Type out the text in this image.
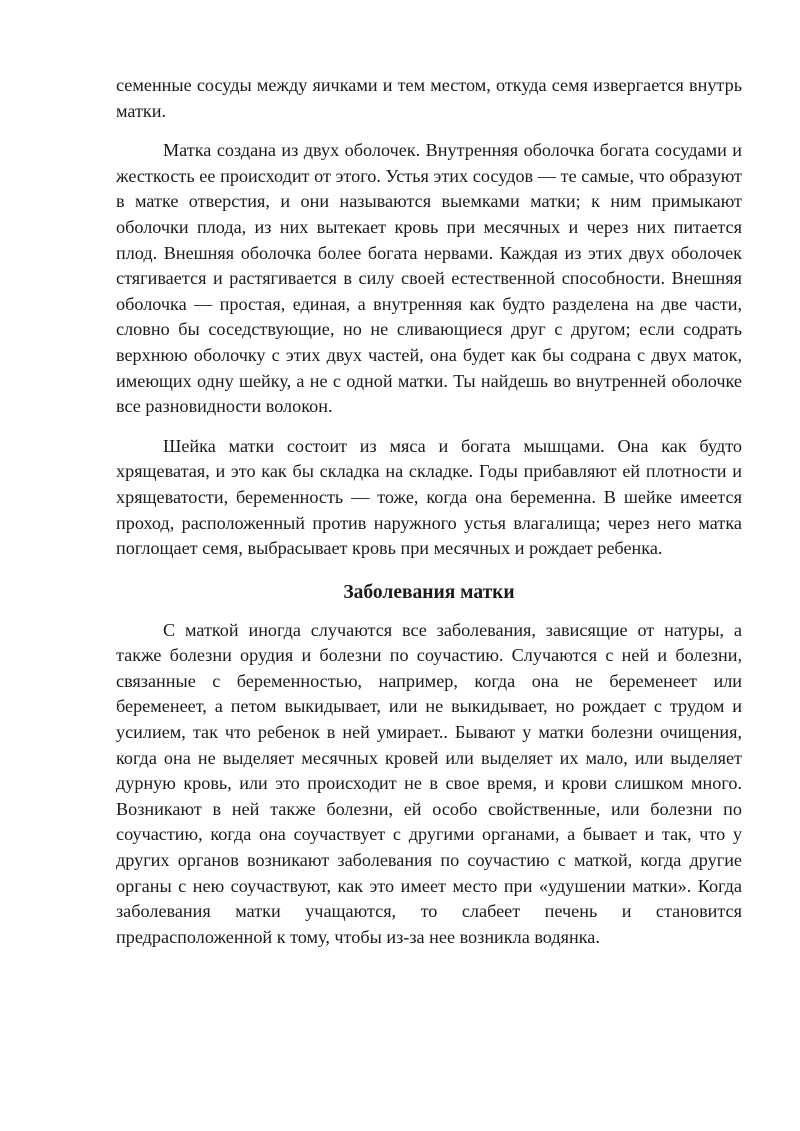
семенные сосуды между яичками и тем местом, откуда семя извергается внутрь матки.

Матка создана из двух оболочек. Внутренняя оболочка богата сосудами и жесткость ее происходит от этого. Устья этих сосудов — те самые, что образуют в матке отверстия, и они называются выемками матки; к ним примыкают оболочки плода, из них вытекает кровь при месячных и через них питается плод. Внешняя оболочка более богата нервами. Каждая из этих двух оболочек стягивается и растягивается в силу своей естественной способности. Внешняя оболочка — простая, единая, а внутренняя как будто разделена на две части, словно бы соседствующие, но не сливающиеся друг с другом; если содрать верхнюю оболочку с этих двух частей, она будет как бы содрана с двух маток, имеющих одну шейку, а не с одной матки. Ты найдешь во внутренней оболочке все разновидности волокон.

Шейка матки состоит из мяса и богата мышцами. Она как будто хрящеватая, и это как бы складка на складке. Годы прибавляют ей плотности и хрящеватости, беременность — тоже, когда она беременна. В шейке имеется проход, расположенный против наружного устья влагалища; через него матка поглощает семя, выбрасывает кровь при месячных и рождает ребенка.

Заболевания матки

С маткой иногда случаются все заболевания, зависящие от натуры, а также болезни орудия и болезни по соучастию. Случаются с ней и болезни, связанные с беременностью, например, когда она не беременеет или беременеет, а петом выкидывает, или не выкидывает, но рождает с трудом и усилием, так что ребенок в ней умирает.. Бывают у матки болезни очищения, когда она не выделяет месячных кровей или выделяет их мало, или выделяет дурную кровь, или это происходит не в свое время, и крови слишком много. Возникают в ней также болезни, ей особо свойственные, или болезни по соучастию, когда она соучаствует с другими органами, а бывает и так, что у других органов возникают заболевания по соучастию с маткой, когда другие органы с нею соучаствуют, как это имеет место при «удушении матки». Когда заболевания матки учащаются, то слабеет печень и становится предрасположенной к тому, чтобы из-за нее возникла водянка.
